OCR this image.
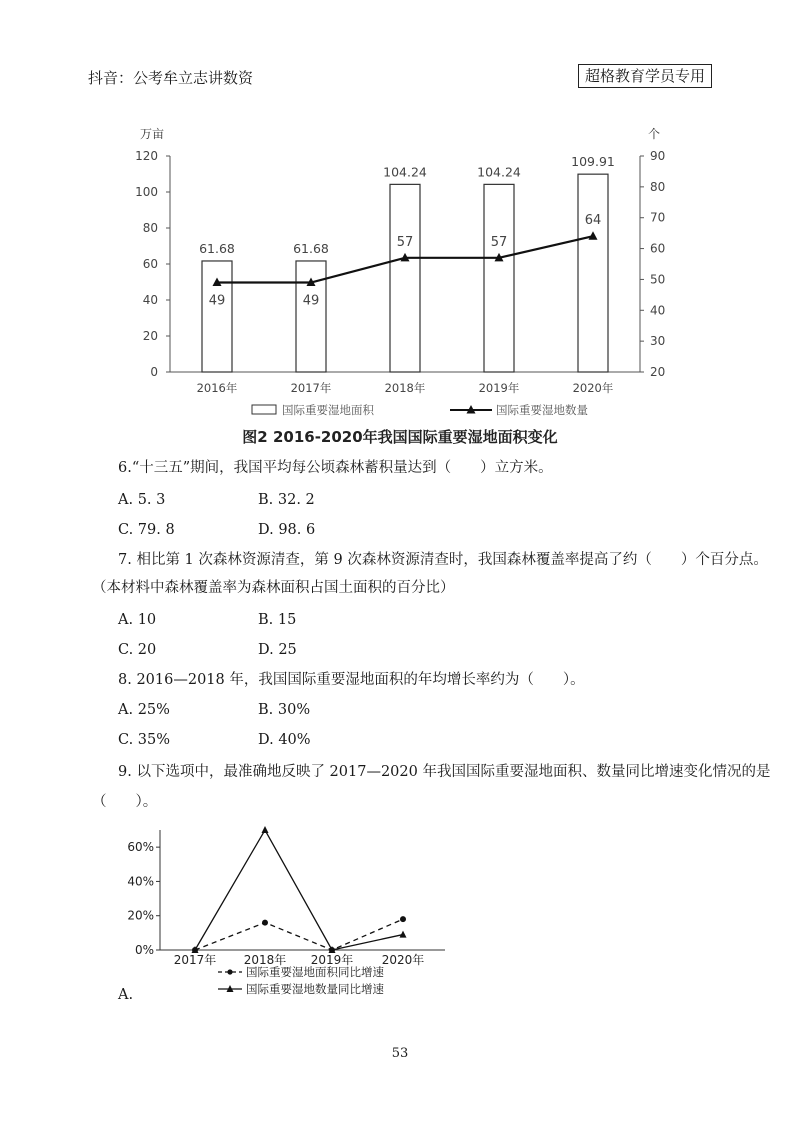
抖音：公考牟立志讲数资	超格教育学员专用
万亩	个
0
20
40
60
80
100
120
20
30
40
50
60
70
80
90
2016年	2017年	2018年	2019年	2020年
61.68	61.68
104.24	104.24
109.91
49	49
57	57
64
国际重要湿地面积	国际重要湿地数量
图2 2016-2020年我国国际重要湿地面积变化
6.“十三五”期间，我国平均每公顷森林蓄积量达到（　　）立方米。
A. 5. 3	B. 32. 2
C. 79. 8	D. 98. 6
7. 相比第 1 次森林资源清查，第 9 次森林资源清查时，我国森林覆盖率提高了约（　　）个百分点。
（本材料中森林覆盖率为森林面积占国土面积的百分比）
A. 10	B. 15
C. 20	D. 25
8. 2016—2018 年，我国国际重要湿地面积的年均增长率约为（　　）。
A. 25%	B. 30%
C. 35%	D. 40%
9. 以下选项中，最准确地反映了 2017—2020 年我国国际重要湿地面积、数量同比增速变化情况的是
（　　）。
0%
20%
40%
60%
2017年 2018年 2019年 2020年
国际重要湿地面积同比增速
国际重要湿地数量同比增速
A.
53
